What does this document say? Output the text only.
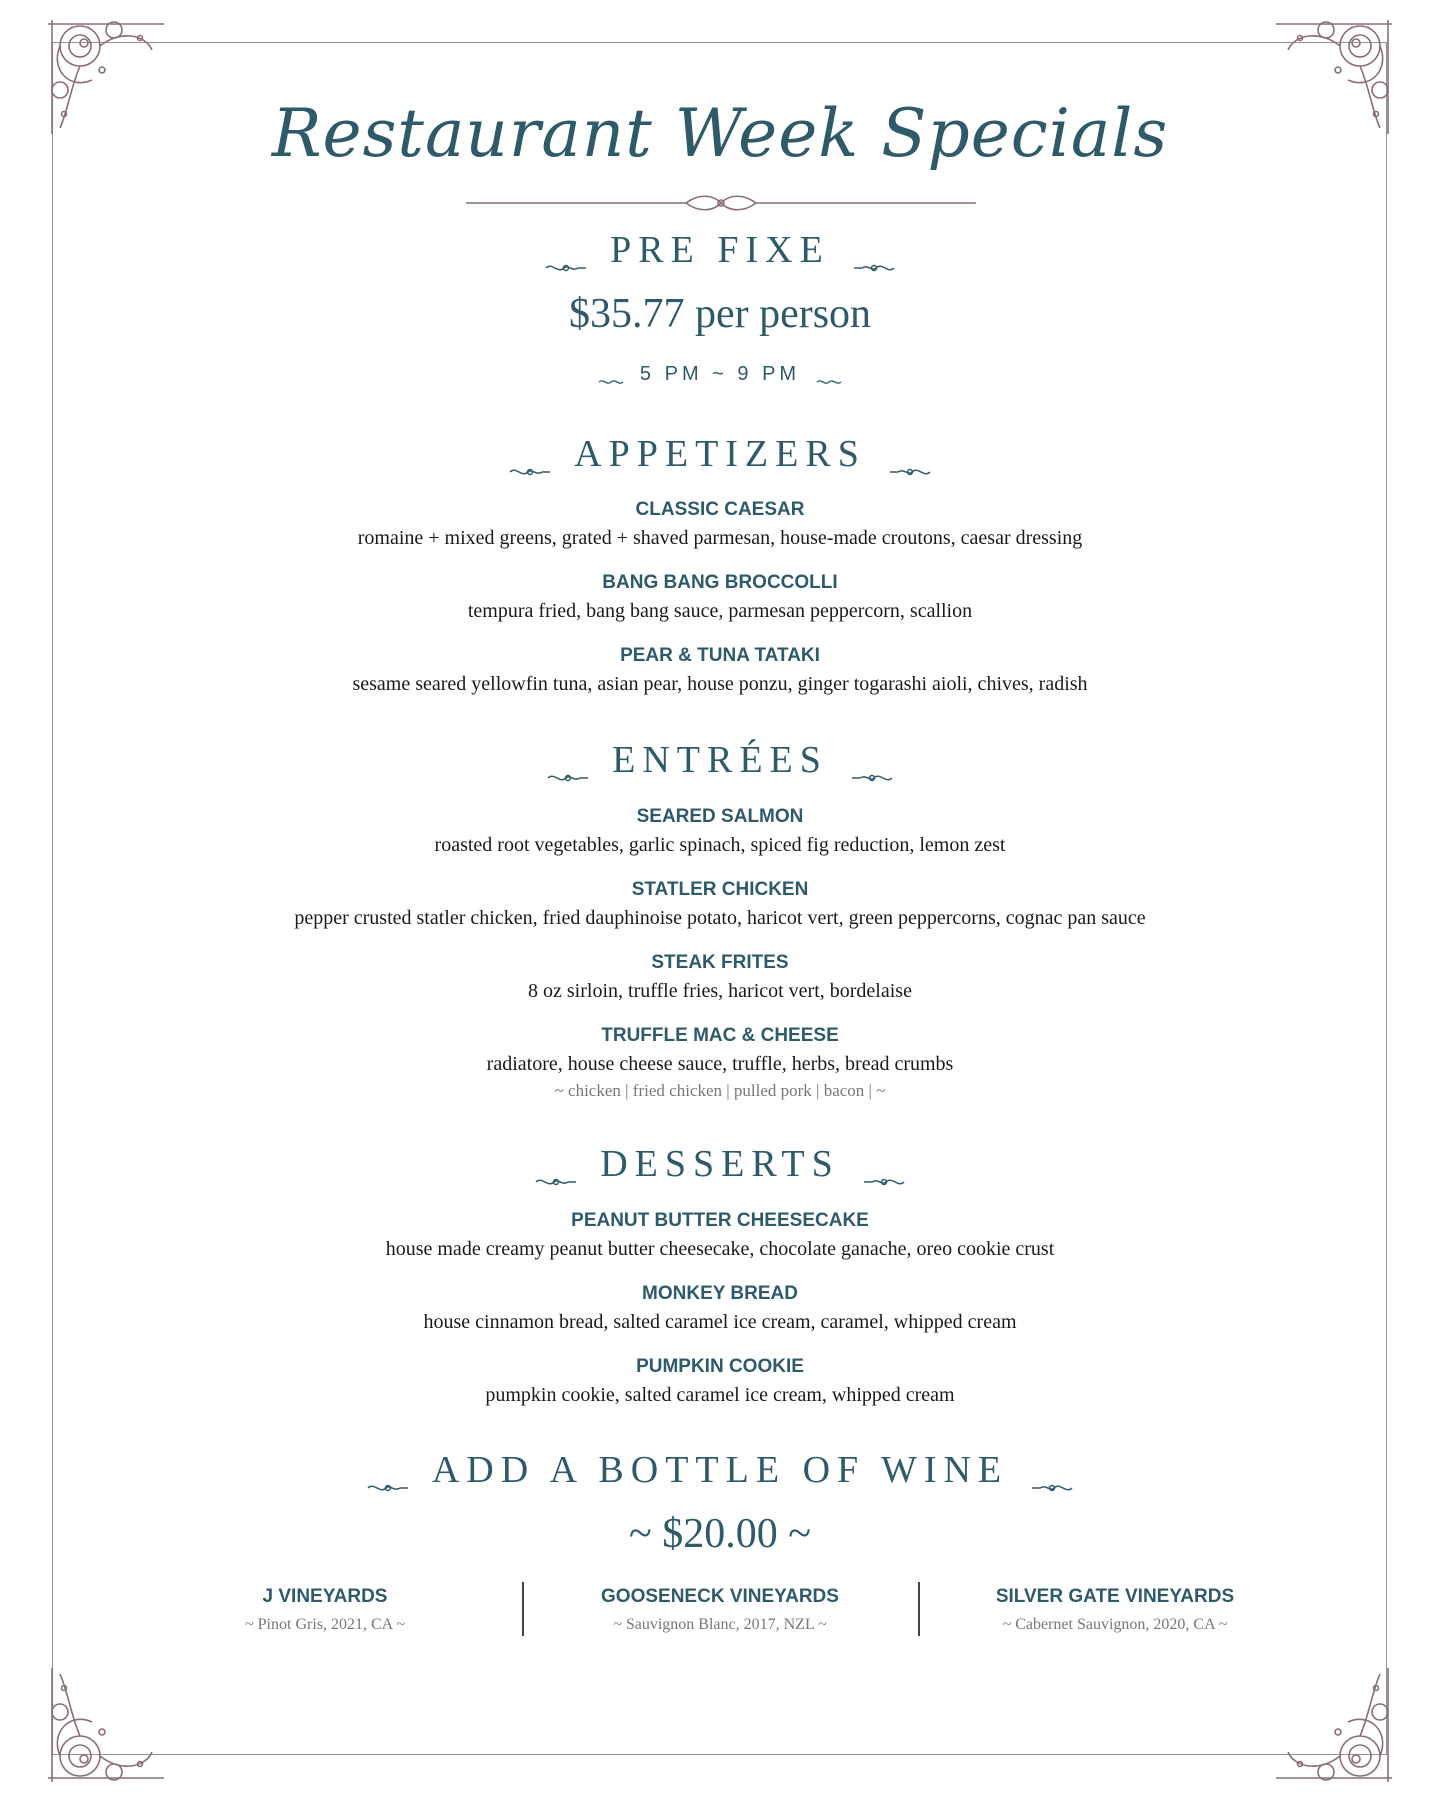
Restaurant Week Specials
PRE FIXE
$35.77 per person
5 PM ~ 9 PM
APPETIZERS
CLASSIC CAESAR
romaine + mixed greens, grated + shaved parmesan, house-made croutons, caesar dressing
BANG BANG BROCCOLLI
tempura fried, bang bang sauce, parmesan peppercorn, scallion
PEAR & TUNA TATAKI
sesame seared yellowfin tuna, asian pear, house ponzu, ginger togarashi aioli, chives, radish
ENTRÉES
SEARED SALMON
roasted root vegetables, garlic spinach, spiced fig reduction, lemon zest
STATLER CHICKEN
pepper crusted statler chicken, fried dauphinoise potato, haricot vert, green peppercorns, cognac pan sauce
STEAK FRITES
8 oz sirloin, truffle fries, haricot vert, bordelaise
TRUFFLE MAC & CHEESE
radiatore, house cheese sauce, truffle, herbs, bread crumbs
~ chicken | fried chicken | pulled pork | bacon | ~
DESSERTS
PEANUT BUTTER CHEESECAKE
house made creamy peanut butter cheesecake, chocolate ganache, oreo cookie crust
MONKEY BREAD
house cinnamon bread, salted caramel ice cream, caramel, whipped cream
PUMPKIN COOKIE
pumpkin cookie, salted caramel ice cream, whipped cream
ADD A BOTTLE OF WINE
~ $20.00 ~
J VINEYARDS
~ Pinot Gris, 2021, CA ~
GOOSENECK VINEYARDS
~ Sauvignon Blanc, 2017, NZL ~
SILVER GATE VINEYARDS
~ Cabernet Sauvignon, 2020, CA ~
